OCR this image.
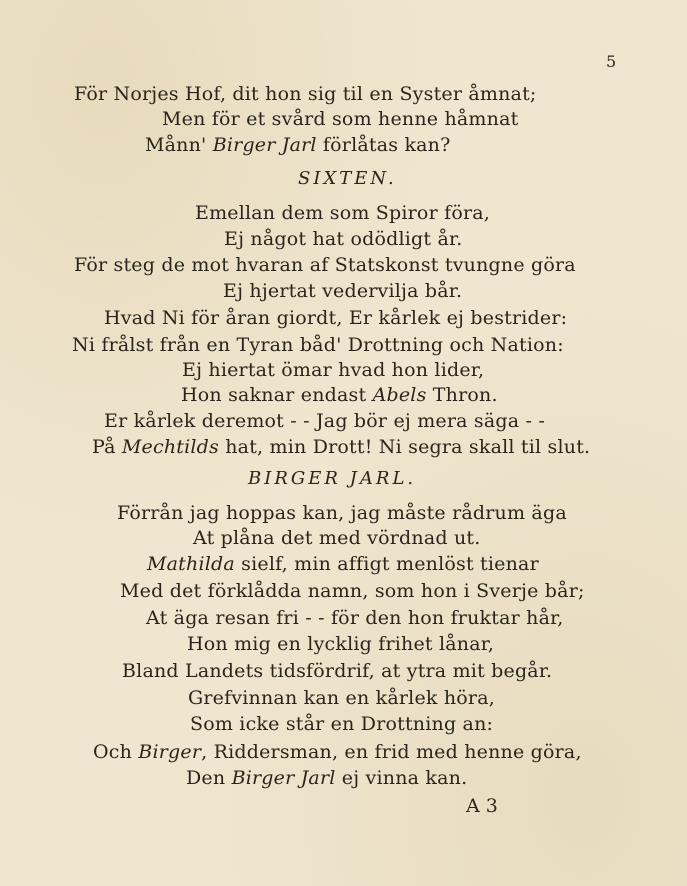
5
För Norjes Hof, dit hon sig til en Syster åmnat;
Men för et svård som henne håmnat
Månn' Birger Jarl förlåtas kan?
SIXTEN.
Emellan dem som Spiror föra,
Ej något hat odödligt år.
För steg de mot hvaran af Statskonst tvungne göra
Ej hjertat vedervilja bår.
Hvad Ni för åran giordt, Er kårlek ej bestrider:
Ni frålst från en Tyran båd' Drottning och Nation:
Ej hiertat ömar hvad hon lider,
Hon saknar endast Abels Thron.
Er kårlek deremot - - Jag bör ej mera säga - -
På Mechtilds hat, min Drott! Ni segra skall til slut.
BIRGER JARL.
Förrån jag hoppas kan, jag måste rådrum äga
At plåna det med vördnad ut.
Mathilda sielf, min affigt menlöst tienar
Med det förklådda namn, som hon i Sverje bår;
At äga resan fri - - för den hon fruktar hår,
Hon mig en lycklig frihet lånar,
Bland Landets tidsfördrif, at ytra mit begår.
Grefvinnan kan en kårlek höra,
Som icke står en Drottning an:
Och Birger, Riddersman, en frid med henne göra,
Den Birger Jarl ej vinna kan.
A 3
